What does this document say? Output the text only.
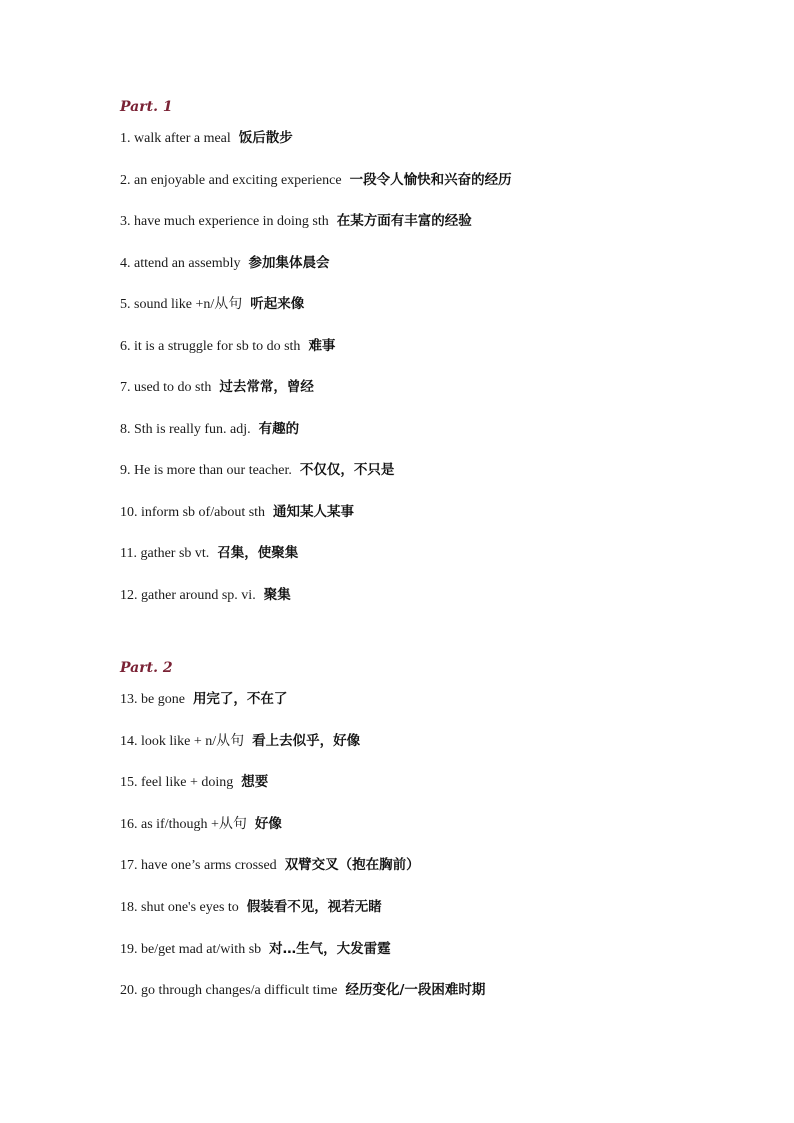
Part. 1
1. walk after a meal 饭后散步
2. an enjoyable and exciting experience 一段令人愉快和兴奋的经历
3. have much experience in doing sth 在某方面有丰富的经验
4. attend an assembly 参加集体晨会
5. sound like +n/从句 听起来像
6. it is a struggle for sb to do sth 难事
7. used to do sth 过去常常，曾经
8. Sth is really fun. adj. 有趣的
9. He is more than our teacher. 不仅仅，不只是
10. inform sb of/about sth 通知某人某事
11. gather sb vt. 召集，使聚集
12. gather around sp. vi. 聚集
Part. 2
13. be gone 用完了，不在了
14. look like + n/从句 看上去似乎，好像
15. feel like + doing 想要
16. as if/though +从句 好像
17. have one’s arms crossed 双臂交叉（抱在胸前）
18. shut one's eyes to 假装看不见，视若无睹
19. be/get mad at/with sb 对…生气，大发雷霆
20. go through changes/a difficult time 经历变化/一段困难时期
